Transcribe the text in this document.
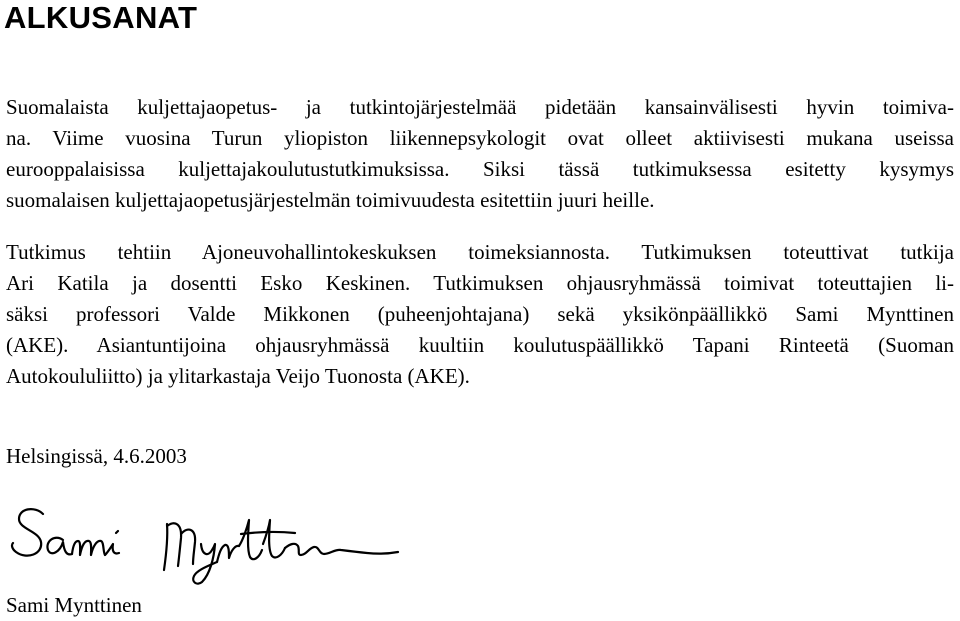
ALKUSANAT

Suomalaista kuljettajaopetus- ja tutkintojärjestelmää pidetään kansainvälisesti hyvin toimiva-
na. Viime vuosina Turun yliopiston liikennepsykologit ovat olleet aktiivisesti mukana useissa
eurooppalaisissa kuljettajakoulutustutkimuksissa. Siksi tässä tutkimuksessa esitetty kysymys
suomalaisen kuljettajaopetusjärjestelmän toimivuudesta esitettiin juuri heille.

Tutkimus tehtiin Ajoneuvohallintokeskuksen toimeksiannosta. Tutkimuksen toteuttivat tutkija
Ari Katila ja dosentti Esko Keskinen. Tutkimuksen ohjausryhmässä toimivat toteuttajien li-
säksi professori Valde Mikkonen (puheenjohtajana) sekä yksikönpäällikkö Sami Mynttinen
(AKE). Asiantuntijoina ohjausryhmässä kuultiin koulutuspäällikkö Tapani Rinteetä (Suoman
Autokoululiitto) ja ylitarkastaja Veijo Tuonosta (AKE).

Helsingissä, 4.6.2003

Sami Mynttinen
